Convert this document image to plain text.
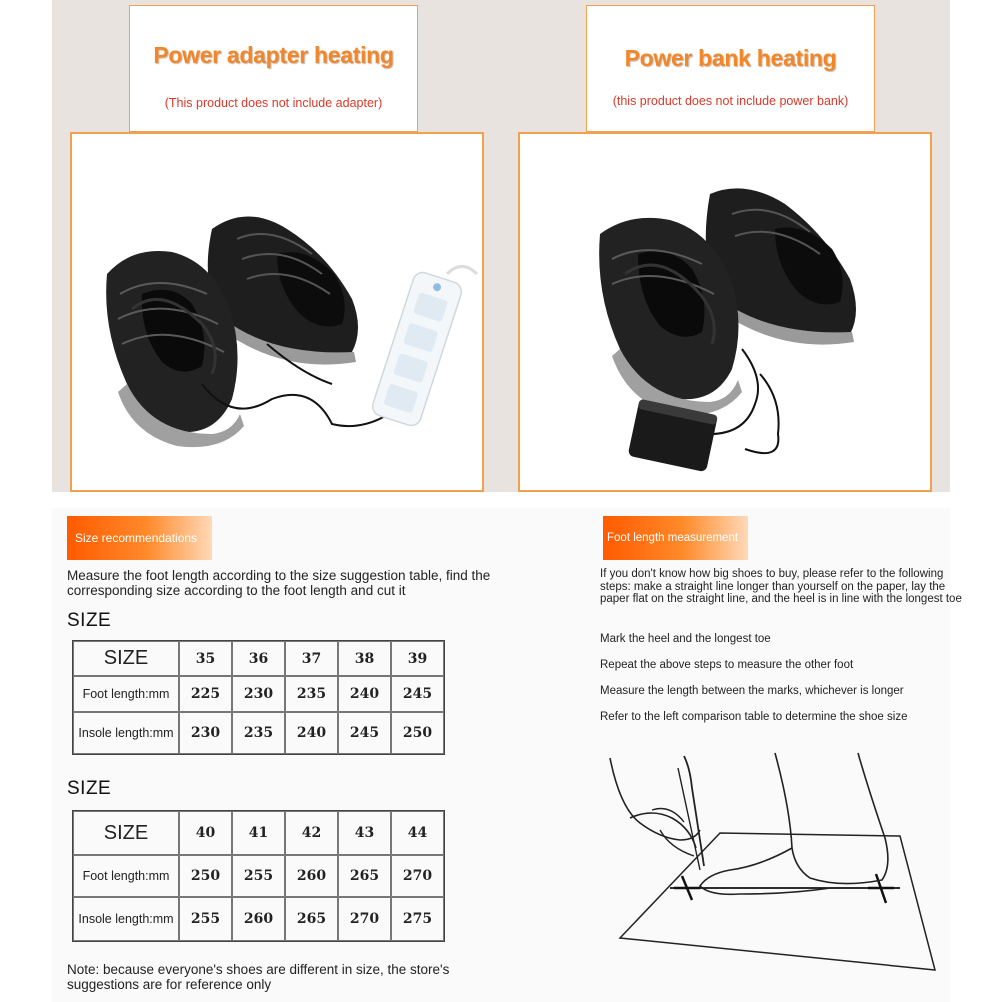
Power adapter heating
(This product does not include adapter)
Power bank heating
(this product does not include power bank)
Size recommendations
Measure the foot length according to the size suggestion table, find the corresponding size according to the foot length and cut it
SIZE
SIZE	35	36	37	38	39
Foot length:mm	225	230	235	240	245
Insole length:mm	230	235	240	245	250
SIZE
SIZE	40	41	42	43	44
Foot length:mm	250	255	260	265	270
Insole length:mm	255	260	265	270	275
Note: because everyone's shoes are different in size, the store's suggestions are for reference only
Foot length measurement
If you don't know how big shoes to buy, please refer to the following steps: make a straight line longer than yourself on the paper, lay the paper flat on the straight line, and the heel is in line with the longest toe
Mark the heel and the longest toe
Repeat the above steps to measure the other foot
Measure the length between the marks, whichever is longer
Refer to the left comparison table to determine the shoe size
